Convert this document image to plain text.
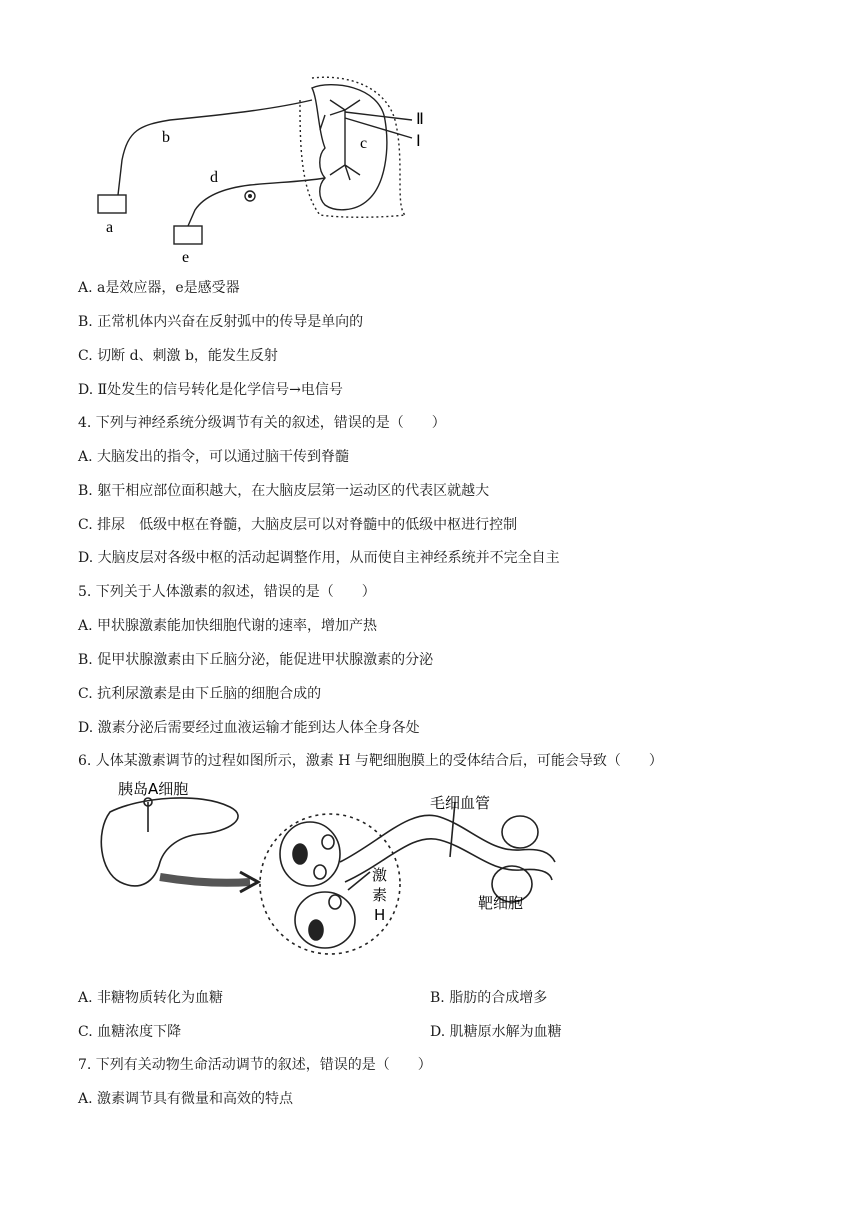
a
b	c
d
e
Ⅱ
Ⅰ
A. a是效应器，e是感受器
B. 正常机体内兴奋在反射弧中的传导是单向的
C. 切断 d、刺激 b，能发生反射
D. Ⅱ处发生的信号转化是化学信号→电信号
4. 下列与神经系统分级调节有关的叙述，错误的是（　　）
A. 大脑发出的指令，可以通过脑干传到脊髓
B. 躯干相应部位面积越大，在大脑皮层第一运动区的代表区就越大
C. 排尿　低级中枢在脊髓，大脑皮层可以对脊髓中的低级中枢进行控制
D. 大脑皮层对各级中枢的活动起调整作用，从而使自主神经系统并不完全自主
5. 下列关于人体激素的叙述，错误的是（　　）
A. 甲状腺激素能加快细胞代谢的速率，增加产热
B. 促甲状腺激素由下丘脑分泌，能促进甲状腺激素的分泌
C. 抗利尿激素是由下丘脑的细胞合成的
D. 激素分泌后需要经过血液运输才能到达人体全身各处
6. 人体某激素调节的过程如图所示，激素 H 与靶细胞膜上的受体结合后，可能会导致（　　）
胰岛A细胞
毛细血管
激
素
H
靶细胞
A. 非糖物质转化为血糖	B. 脂肪的合成增多
C. 血糖浓度下降	D. 肌糖原水解为血糖
7. 下列有关动物生命活动调节的叙述，错误的是（　　）
A. 激素调节具有微量和高效的特点
